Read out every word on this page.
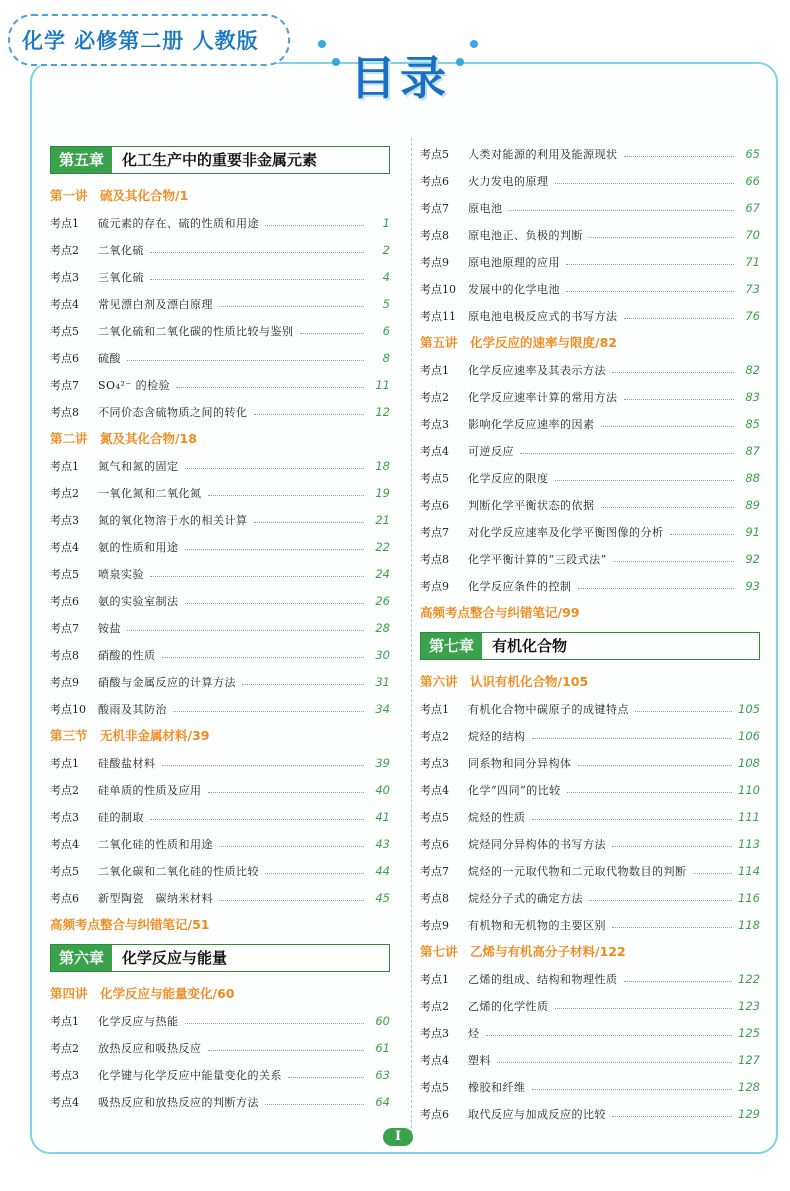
化学 必修第二册 人教版
目录
第五章	化工生产中的重要非金属元素
第一讲　硫及其化合物/1
考点1	硫元素的存在、硫的性质和用途	1
考点2	二氧化硫	2
考点3	三氧化硫	4
考点4	常见漂白剂及漂白原理	5
考点5	二氧化硫和二氧化碳的性质比较与鉴别	6
考点6	硫酸	8
考点7	SO₄²⁻ 的检验	11
考点8	不同价态含硫物质之间的转化	12
第二讲　氮及其化合物/18
考点1	氮气和氮的固定	18
考点2	一氧化氮和二氧化氮	19
考点3	氮的氧化物溶于水的相关计算	21
考点4	氨的性质和用途	22
考点5	喷泉实验	24
考点6	氨的实验室制法	26
考点7	铵盐	28
考点8	硝酸的性质	30
考点9	硝酸与金属反应的计算方法	31
考点10	酸雨及其防治	34
第三节　无机非金属材料/39
考点1	硅酸盐材料	39
考点2	硅单质的性质及应用	40
考点3	硅的制取	41
考点4	二氧化硅的性质和用途	43
考点5	二氧化碳和二氧化硅的性质比较	44
考点6	新型陶瓷　碳纳米材料	45
高频考点整合与纠错笔记/51
第六章	化学反应与能量
第四讲　化学反应与能量变化/60
考点1	化学反应与热能	60
考点2	放热反应和吸热反应	61
考点3	化学键与化学反应中能量变化的关系	63
考点4	吸热反应和放热反应的判断方法	64
考点5	人类对能源的利用及能源现状	65
考点6	火力发电的原理	66
考点7	原电池	67
考点8	原电池正、负极的判断	70
考点9	原电池原理的应用	71
考点10	发展中的化学电池	73
考点11	原电池电极反应式的书写方法	76
第五讲　化学反应的速率与限度/82
考点1	化学反应速率及其表示方法	82
考点2	化学反应速率计算的常用方法	83
考点3	影响化学反应速率的因素	85
考点4	可逆反应	87
考点5	化学反应的限度	88
考点6	判断化学平衡状态的依据	89
考点7	对化学反应速率及化学平衡图像的分析	91
考点8	化学平衡计算的“三段式法”	92
考点9	化学反应条件的控制	93
高频考点整合与纠错笔记/99
第七章	有机化合物
第六讲　认识有机化合物/105
考点1	有机化合物中碳原子的成键特点	105
考点2	烷烃的结构	106
考点3	同系物和同分异构体	108
考点4	化学“四同”的比较	110
考点5	烷烃的性质	111
考点6	烷烃同分异构体的书写方法	113
考点7	烷烃的一元取代物和二元取代物数目的判断	114
考点8	烷烃分子式的确定方法	116
考点9	有机物和无机物的主要区别	118
第七讲　乙烯与有机高分子材料/122
考点1	乙烯的组成、结构和物理性质	122
考点2	乙烯的化学性质	123
考点3	烃	125
考点4	塑料	127
考点5	橡胶和纤维	128
考点6	取代反应与加成反应的比较	129
I
